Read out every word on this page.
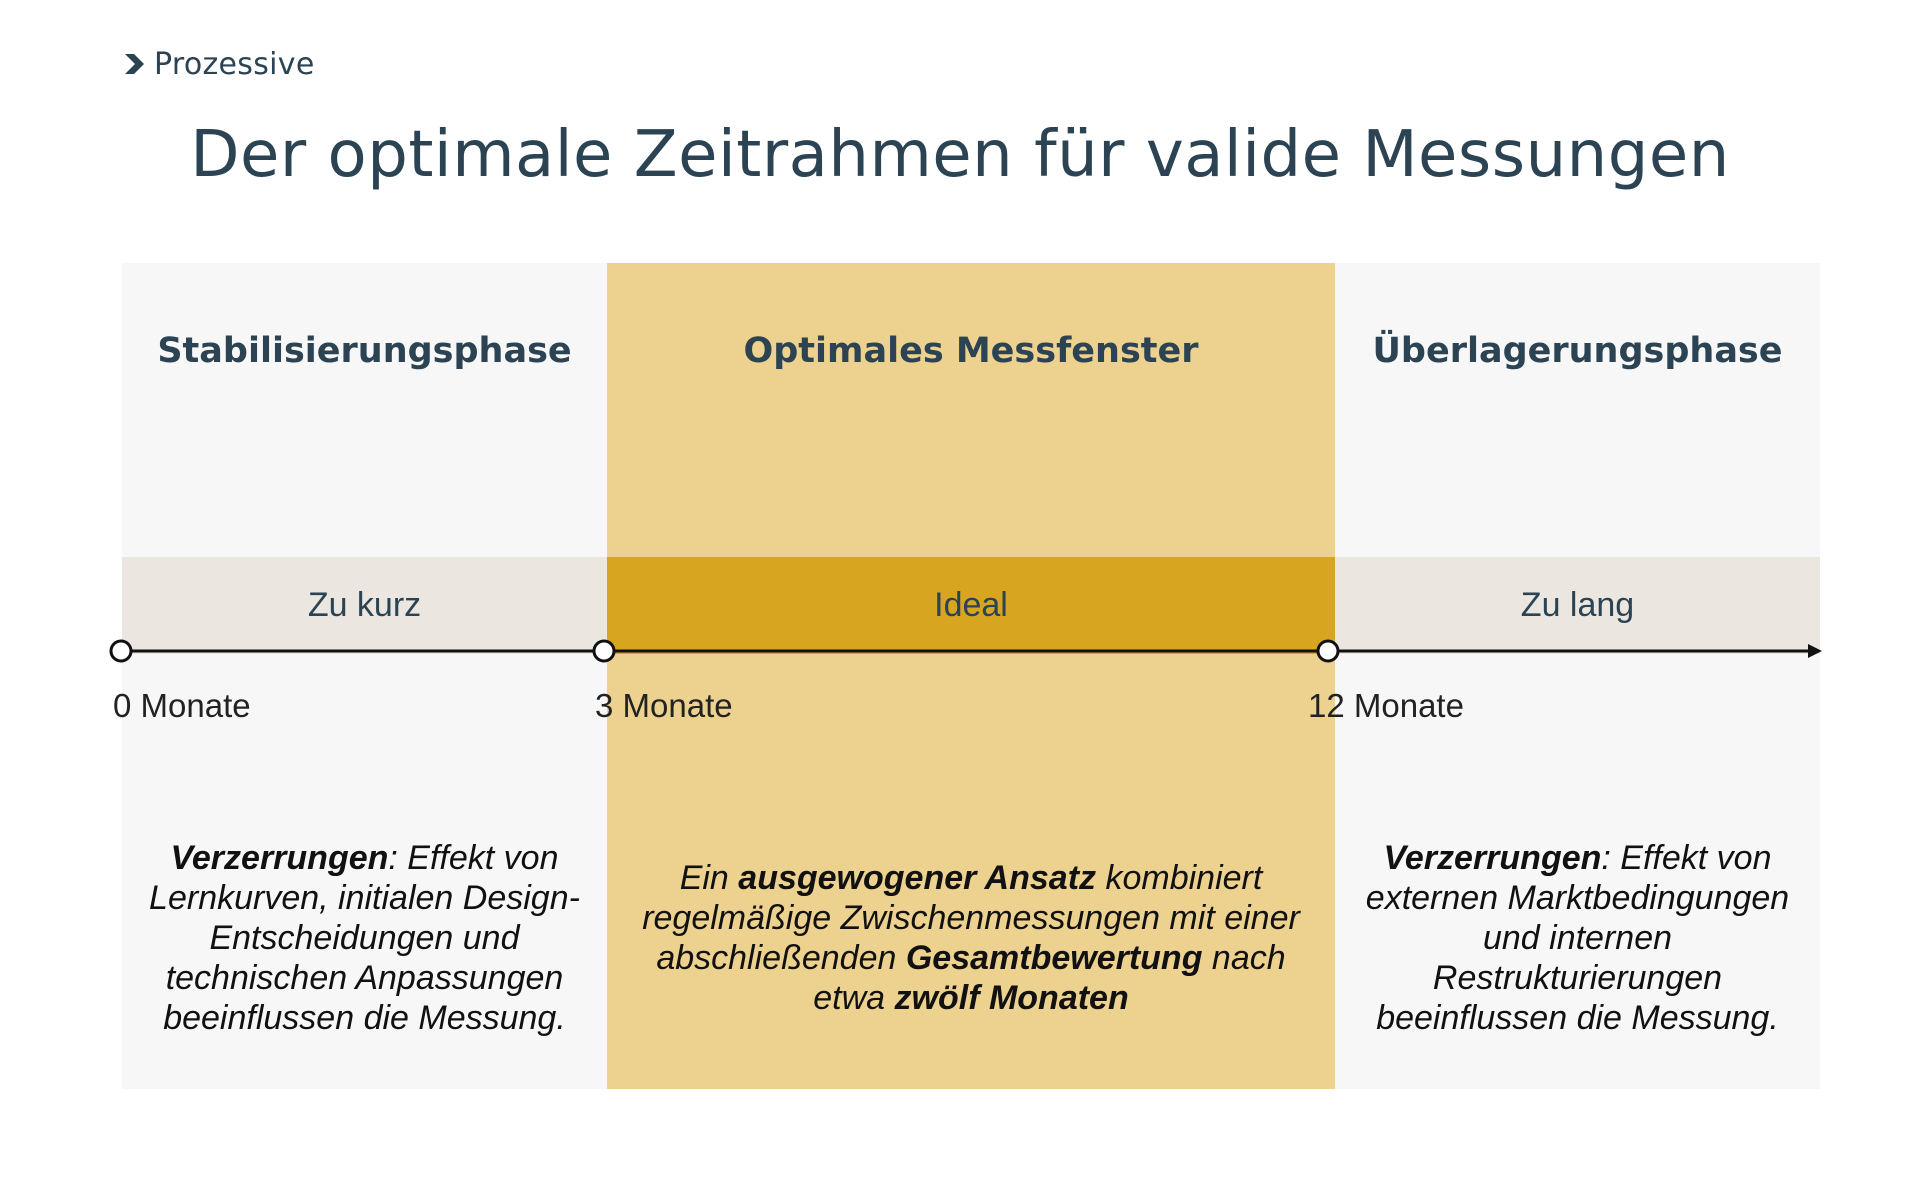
Prozessive
Der optimale Zeitrahmen für valide Messungen
Stabilisierungsphase
Zu kurz
Verzerrungen: Effekt von Lernkurven, initialen Design-Entscheidungen und technischen Anpassungen beeinflussen die Messung.
Optimales Messfenster
Ideal
Ein ausgewogener Ansatz kombiniert regelmäßige Zwischenmessungen mit einer abschließenden Gesamtbewertung nach etwa zwölf Monaten
Überlagerungsphase
Zu lang
Verzerrungen: Effekt von externen Marktbedingungen und internen Restrukturierungen beeinflussen die Messung.
0 Monate	3 Monate	12 Monate
